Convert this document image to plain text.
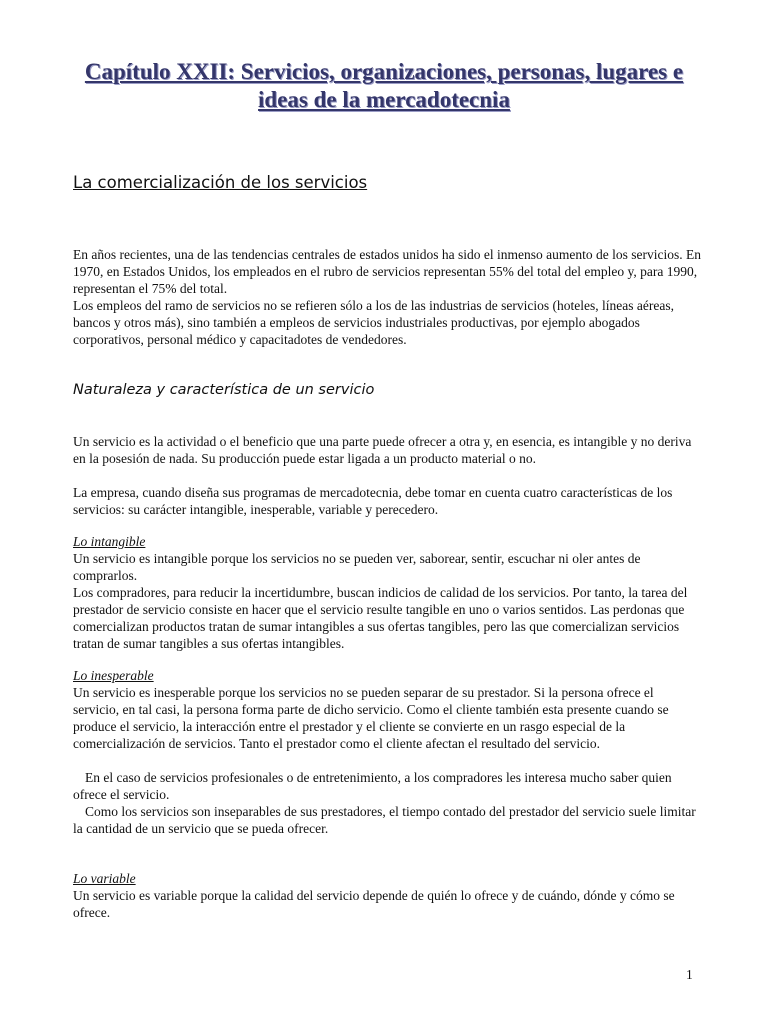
Capítulo XXII: Servicios, organizaciones, personas, lugares e ideas de la mercadotecnia
La comercialización de los servicios

En años recientes, una de las tendencias centrales de estados unidos ha sido el inmenso aumento de los servicios. En 1970, en Estados Unidos, los empleados en el rubro de servicios representan 55% del total del empleo y, para 1990, representan el 75% del total.

Los empleos del ramo de servicios no se refieren sólo a los de las industrias de servicios (hoteles, líneas aéreas, bancos y otros más), sino también a empleos de servicios industriales productivas, por ejemplo abogados corporativos, personal médico y capacitadotes de vendedores.

Naturaleza y característica de un servicio

Un servicio es la actividad o el beneficio que una parte puede ofrecer a otra y, en esencia, es intangible y no deriva en la posesión de nada. Su producción puede estar ligada a un producto material o no.

La empresa, cuando diseña sus programas de mercadotecnia, debe tomar en cuenta cuatro características de los servicios: su carácter intangible, inesperable, variable y perecedero.

Lo intangible

Un servicio es intangible porque los servicios no se pueden ver, saborear, sentir, escuchar ni oler antes de comprarlos.

Los compradores, para reducir la incertidumbre, buscan indicios de calidad de los servicios. Por tanto, la tarea del prestador de servicio consiste en hacer que el servicio resulte tangible en uno o varios sentidos. Las perdonas que comercializan productos tratan de sumar intangibles a sus ofertas tangibles, pero las que comercializan servicios tratan de sumar tangibles a sus ofertas intangibles.

Lo inesperable

Un servicio es inesperable porque los servicios no se pueden separar de su prestador. Si la persona ofrece el servicio, en tal casi, la persona forma parte de dicho servicio. Como el cliente también esta presente cuando se produce el servicio, la interacción entre el prestador y el cliente se convierte en un rasgo especial de la comercialización de servicios. Tanto el prestador como el cliente afectan el resultado del servicio.

En el caso de servicios profesionales o de entretenimiento, a los compradores les interesa mucho saber quien ofrece el servicio.

Como los servicios son inseparables de sus prestadores, el tiempo contado del prestador del servicio suele limitar la cantidad de un servicio que se pueda ofrecer.

Lo variable

Un servicio es variable porque la calidad del servicio depende de quién lo ofrece y de cuándo, dónde y cómo se ofrece.

1
